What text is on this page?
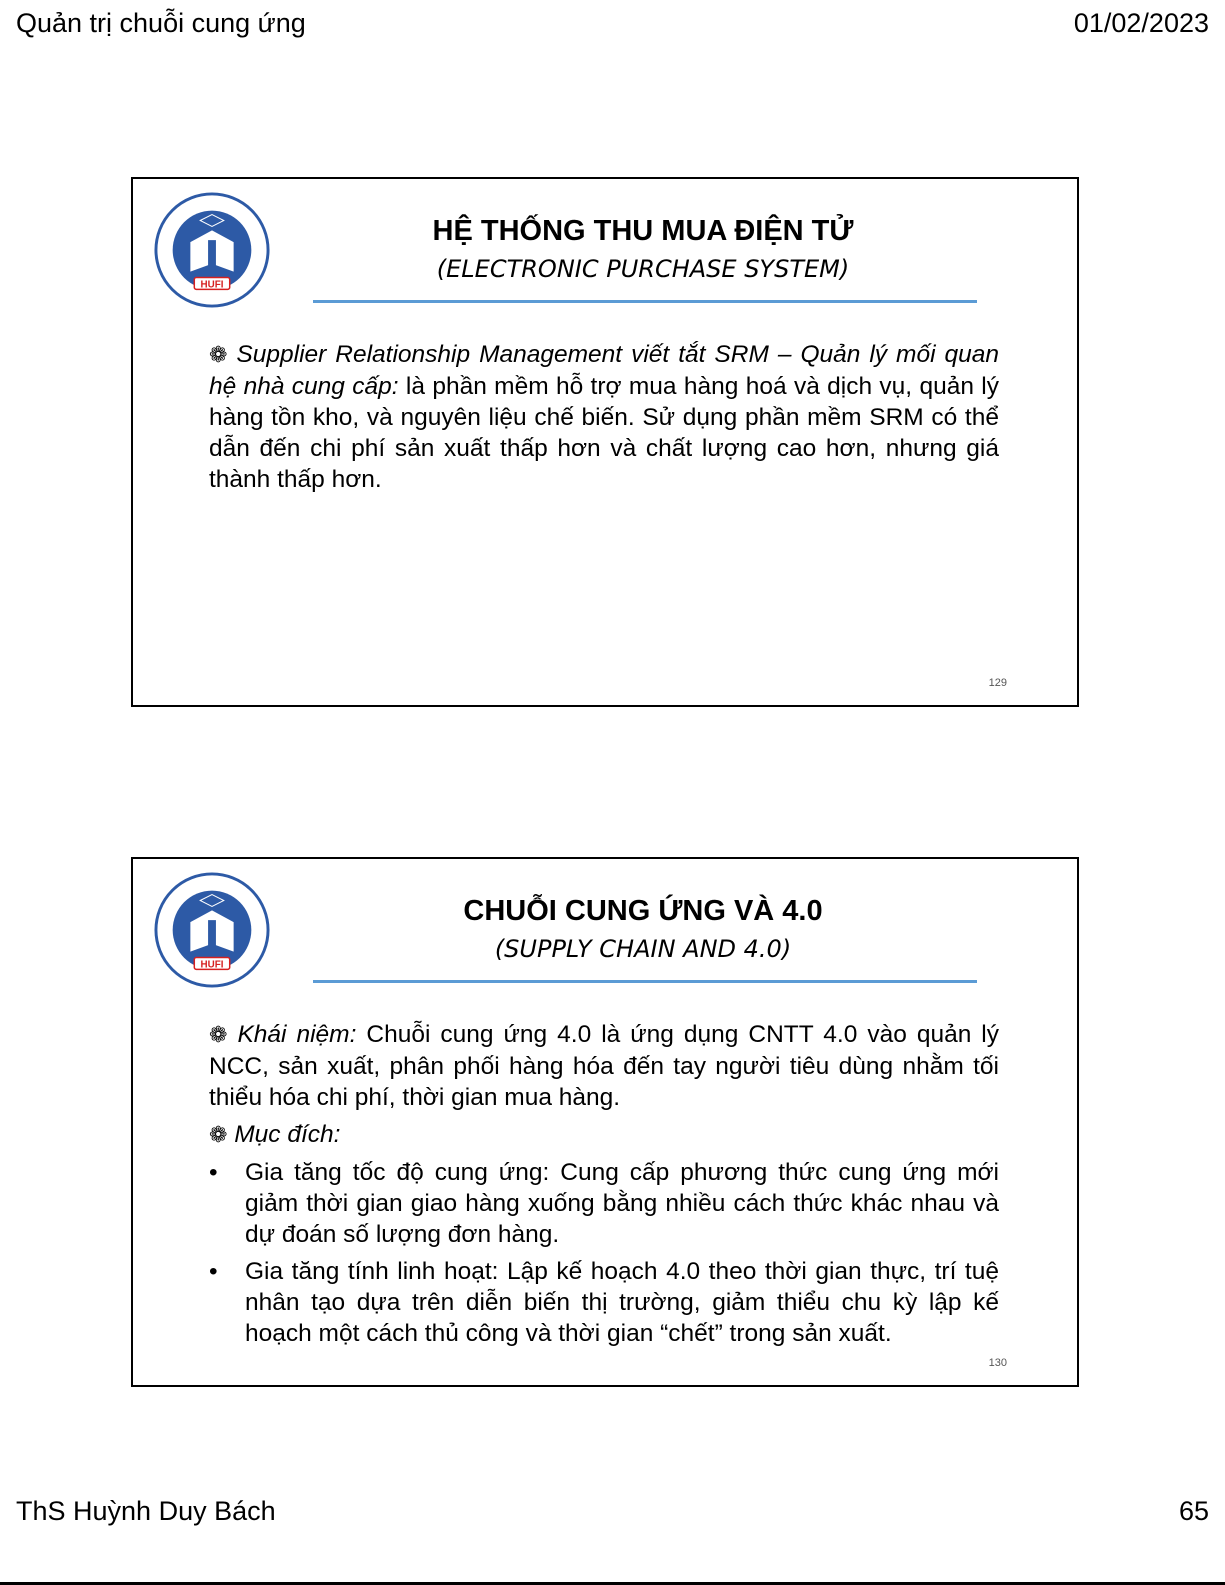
Quản trị chuỗi cung ứng	01/02/2023
HUFI
HỆ THỐNG THU MUA ĐIỆN TỬ
(ELECTRONIC PURCHASE SYSTEM)

❁ Supplier Relationship Management viết tắt SRM – Quản lý mối quan hệ nhà cung cấp: là phần mềm hỗ trợ mua hàng hoá và dịch vụ, quản lý hàng tồn kho, và nguyên liệu chế biến. Sử dụng phần mềm SRM có thể dẫn đến chi phí sản xuất thấp hơn và chất lượng cao hơn, nhưng giá thành thấp hơn.

129
HUFI
CHUỖI CUNG ỨNG VÀ 4.0
(SUPPLY CHAIN AND 4.0)

❁ Khái niệm: Chuỗi cung ứng 4.0 là ứng dụng CNTT 4.0 vào quản lý NCC, sản xuất, phân phối hàng hóa đến tay người tiêu dùng nhằm tối thiểu hóa chi phí, thời gian mua hàng.

❁ Mục đích:

• Gia tăng tốc độ cung ứng: Cung cấp phương thức cung ứng mới giảm thời gian giao hàng xuống bằng nhiều cách thức khác nhau và dự đoán số lượng đơn hàng.
• Gia tăng tính linh hoạt: Lập kế hoạch 4.0 theo thời gian thực, trí tuệ nhân tạo dựa trên diễn biến thị trường, giảm thiểu chu kỳ lập kế hoạch một cách thủ công và thời gian “chết” trong sản xuất.
130
ThS Huỳnh Duy Bách	65
